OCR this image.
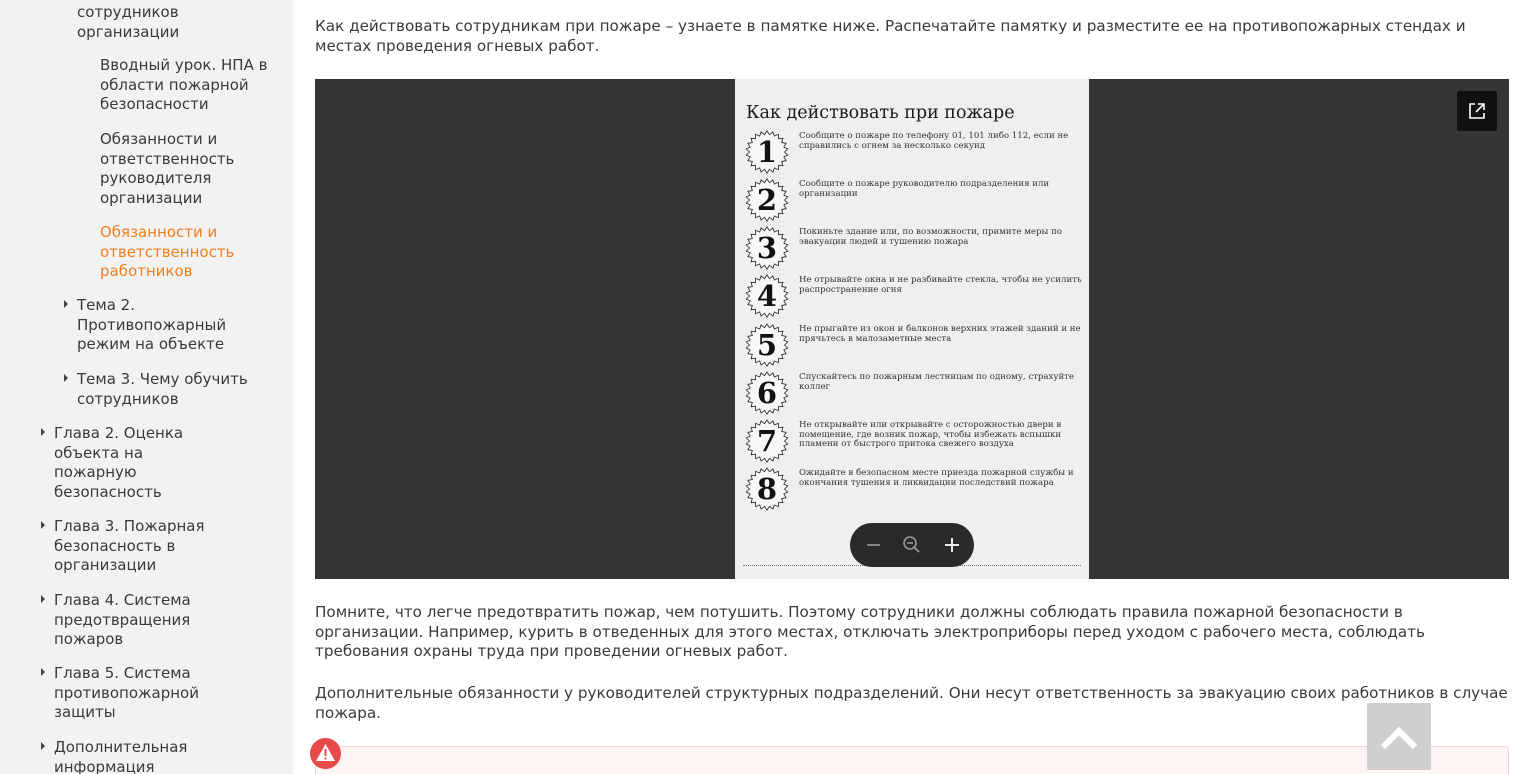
сотрудников
организации
Вводный урок. НПА в
области пожарной
безопасности
Обязанности и
ответственность
руководителя
организации
Обязанности и
ответственность
работников
Тема 2.
Противопожарный
режим на объекте
Тема 3. Чему обучить
сотрудников
Глава 2. Оценка
объекта на
пожарную
безопасность
Глава 3. Пожарная
безопасность в
организации
Глава 4. Система
предотвращения
пожаров
Глава 5. Система
противопожарной
защиты
Дополнительная
информация

Как действовать сотрудникам при пожаре – узнаете в памятке ниже. Распечатайте памятку и разместите ее на противопожарных стендах и местах проведения огневых работ.

Как действовать при пожаре
1	Сообщите о пожаре по телефону 01, 101 либо 112, если не справились с огнем за несколько секунд
2	Сообщите о пожаре руководителю подразделения или организации
3	Покиньте здание или, по возможности, примите меры по эвакуации людей и тушению пожара
4	Не отрывайте окна и не разбивайте стекла, чтобы не усилить распространение огня
5	Не прыгайте из окон и балконов верхних этажей зданий и не прячьтесь в малозаметные места
6	Спускайтесь по пожарным лестницам по одному, страхуйте коллег
7	Не открывайте или открывайте с осторожностью двери в помещение, где возник пожар, чтобы избежать вспышки пламени от быстрого притока свежего воздуха
8	Ожидайте в безопасном месте приезда пожарной службы и окончания тушения и ликвидации последствий пожара

Помните, что легче предотвратить пожар, чем потушить. Поэтому сотрудники должны соблюдать правила пожарной безопасности в организации. Например, курить в отведенных для этого местах, отключать электроприборы перед уходом с рабочего места, соблюдать требования охраны труда при проведении огневых работ.

Дополнительные обязанности у руководителей структурных подразделений. Они несут ответственность за эвакуацию своих работников в случае пожара.
